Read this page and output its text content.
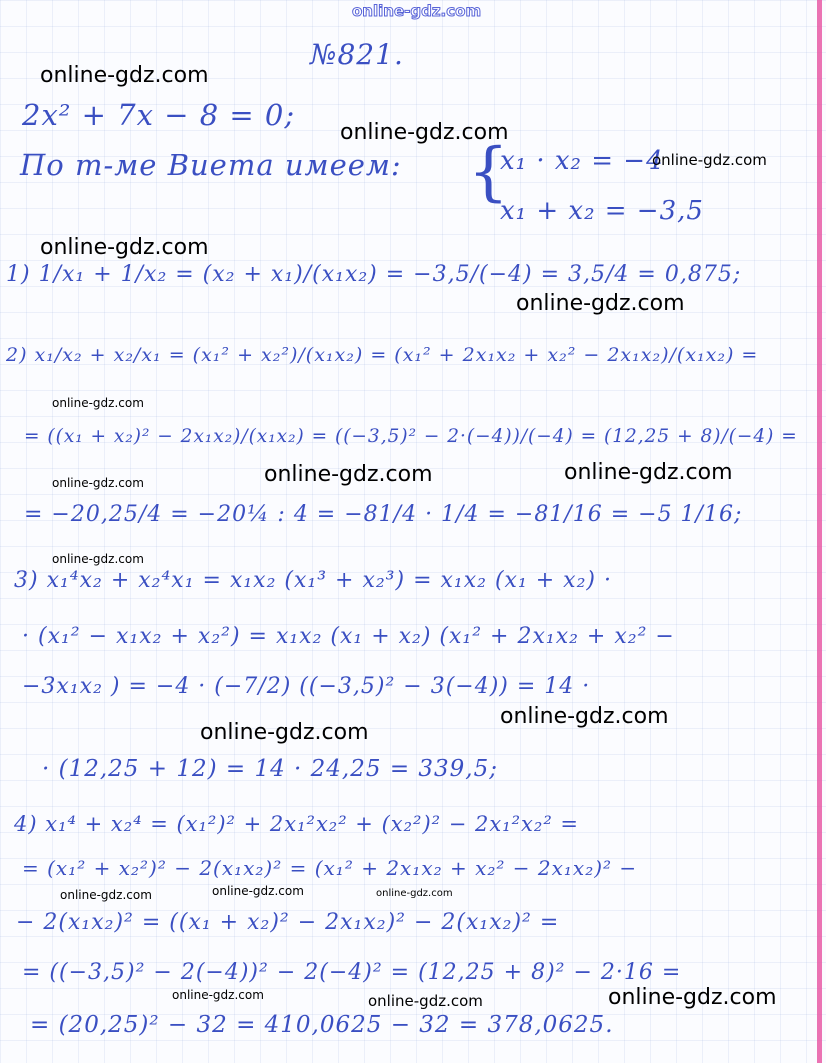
№821.
2x² + 7x − 8 = 0;
По т-ме Виета имеем: {
x₁ · x₂ = −4
x₁ + x₂ = −3,5
1) 1/x₁ + 1/x₂ = (x₂ + x₁)/(x₁x₂) = −3,5/(−4) = 3,5/4 = 0,875;
2) x₁/x₂ + x₂/x₁ = (x₁² + x₂²)/(x₁x₂) = (x₁² + 2x₁x₂ + x₂² − 2x₁x₂)/(x₁x₂) =
= ((x₁ + x₂)² − 2x₁x₂)/(x₁x₂) = ((−3,5)² − 2·(−4))/(−4) = (12,25 + 8)/(−4) =
= −20,25/4 = −20¼ : 4 = −81/4 · 1/4 = −81/16 = −5 1/16;
3) x₁⁴x₂ + x₂⁴x₁ = x₁x₂ (x₁³ + x₂³) = x₁x₂ (x₁ + x₂) ·
· (x₁² − x₁x₂ + x₂²) = x₁x₂ (x₁ + x₂) (x₁² + 2x₁x₂ + x₂² −
−3x₁x₂ ) = −4 · (−7/2) ((−3,5)² − 3(−4)) = 14 ·
· (12,25 + 12) = 14 · 24,25 = 339,5;
4) x₁⁴ + x₂⁴ = (x₁²)² + 2x₁²x₂² + (x₂²)² − 2x₁²x₂² =
= (x₁² + x₂²)² − 2(x₁x₂)² = (x₁² + 2x₁x₂ + x₂² − 2x₁x₂)² −
− 2(x₁x₂)² = ((x₁ + x₂)² − 2x₁x₂)² − 2(x₁x₂)² =
= ((−3,5)² − 2(−4))² − 2(−4)² = (12,25 + 8)² − 2·16 =
= (20,25)² − 32 = 410,0625 − 32 = 378,0625.
online-gdz.com
online-gdz.com
online-gdz.com
online-gdz.com
online-gdz.com
online-gdz.com
online-gdz.com
online-gdz.com	online-gdz.com
online-gdz.com
online-gdz.com
online-gdz.com
online-gdz.com
online-gdz.com
online-gdz.com	online-gdz.com
online-gdz.com	online-gdz.com	online-gdz.com
